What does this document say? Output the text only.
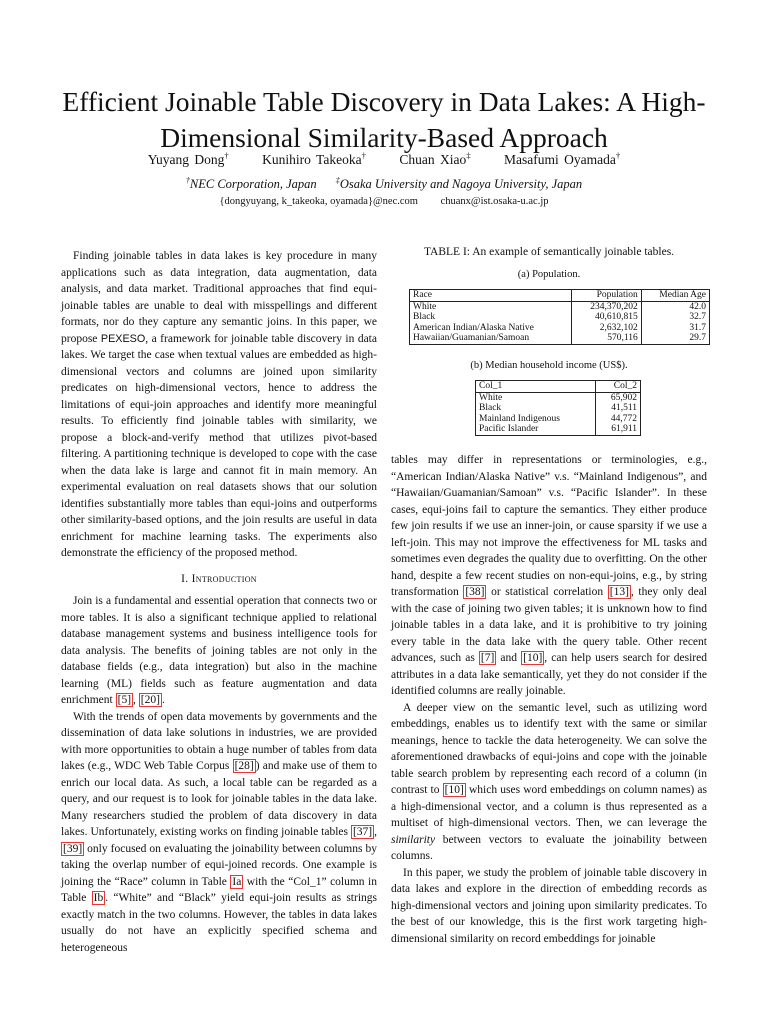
Efficient Joinable Table Discovery in Data Lakes: A High-Dimensional Similarity-Based Approach
Yuyang Dong† Kunihiro Takeoka† Chuan Xiao‡ Masafumi Oyamada†
†NEC Corporation, Japan ‡Osaka University and Nagoya University, Japan
{dongyuyang, k_takeoka, oyamada}@nec.com chuanx@ist.osaka-u.ac.jp

Finding joinable tables in data lakes is key procedure in many applications such as data integration, data augmentation, data analysis, and data market. Traditional approaches that find equi-joinable tables are unable to deal with misspellings and different formats, nor do they capture any semantic joins. In this paper, we propose PEXESO, a framework for joinable table discovery in data lakes. We target the case when textual values are embedded as high-dimensional vectors and columns are joined upon similarity predicates on high-dimensional vectors, hence to address the limitations of equi-join approaches and identify more meaningful results. To efficiently find joinable tables with similarity, we propose a block-and-verify method that utilizes pivot-based filtering. A partitioning technique is developed to cope with the case when the data lake is large and cannot fit in main memory. An experimental evaluation on real datasets shows that our solution identifies substantially more tables than equi-joins and outperforms other similarity-based options, and the join results are useful in data enrichment for machine learning tasks. The experiments also demonstrate the efficiency of the proposed method.

I. Introduction

Join is a fundamental and essential operation that connects two or more tables. It is also a significant technique applied to relational database management systems and business intelligence tools for data analysis. The benefits of joining tables are not only in the database fields (e.g., data integration) but also in the machine learning (ML) fields such as feature augmentation and data enrichment [5] , [20] .

With the trends of open data movements by governments and the dissemination of data lake solutions in industries, we are provided with more opportunities to obtain a huge number of tables from data lakes (e.g., WDC Web Table Corpus [28] ) and make use of them to enrich our local data. As such, a local table can be regarded as a query, and our request is to look for joinable tables in the data lake. Many researchers studied the problem of data discovery in data lakes. Unfortunately, existing works on finding joinable tables [37] , [39] only focused on evaluating the joinability between columns by taking the overlap number of equi-joined records. One example is joining the “Race” column in Table Ia with the “Col_1” column in Table Ib . “White” and “Black” yield equi-join results as strings exactly match in the two columns. However, the tables in data lakes usually do not have an explicitly specified schema and heterogeneous

TABLE I: An example of semantically joinable tables.
(a) Population.
Race	Population	Median Age
White	234,370,202	42.0
Black	40,610,815	32.7
American Indian/Alaska Native	2,632,102	31.7
Hawaiian/Guamanian/Samoan	570,116	29.7
(b) Median household income (US$).
Col_1	Col_2
White	65,902
Black	41,511
Mainland Indigenous	44,772
Pacific Islander	61,911

tables may differ in representations or terminologies, e.g., “American Indian/Alaska Native” v.s. “Mainland Indigenous”, and “Hawaiian/Guamanian/Samoan” v.s. “Pacific Islander”. In these cases, equi-joins fail to capture the semantics. They either produce few join results if we use an inner-join, or cause sparsity if we use a left-join. This may not improve the effectiveness for ML tasks and sometimes even degrades the quality due to overfitting. On the other hand, despite a few recent studies on non-equi-joins, e.g., by string transformation [38] or statistical correlation [13] , they only deal with the case of joining two given tables; it is unknown how to find joinable tables in a data lake, and it is prohibitive to try joining every table in the data lake with the query table. Other recent advances, such as [7] and [10] , can help users search for desired attributes in a data lake semantically, yet they do not consider if the identified columns are really joinable.

A deeper view on the semantic level, such as utilizing word embeddings, enables us to identify text with the same or similar meanings, hence to tackle the data heterogeneity. We can solve the aforementioned drawbacks of equi-joins and cope with the joinable table search problem by representing each record of a column (in contrast to [10] which uses word embeddings on column names) as a high-dimensional vector, and a column is thus represented as a multiset of high-dimensional vectors. Then, we can leverage the similarity between vectors to evaluate the joinability between columns.

In this paper, we study the problem of joinable table discovery in data lakes and explore in the direction of embedding records as high-dimensional vectors and joining upon similarity predicates. To the best of our knowledge, this is the first work targeting high-dimensional similarity on record embeddings for joinable
